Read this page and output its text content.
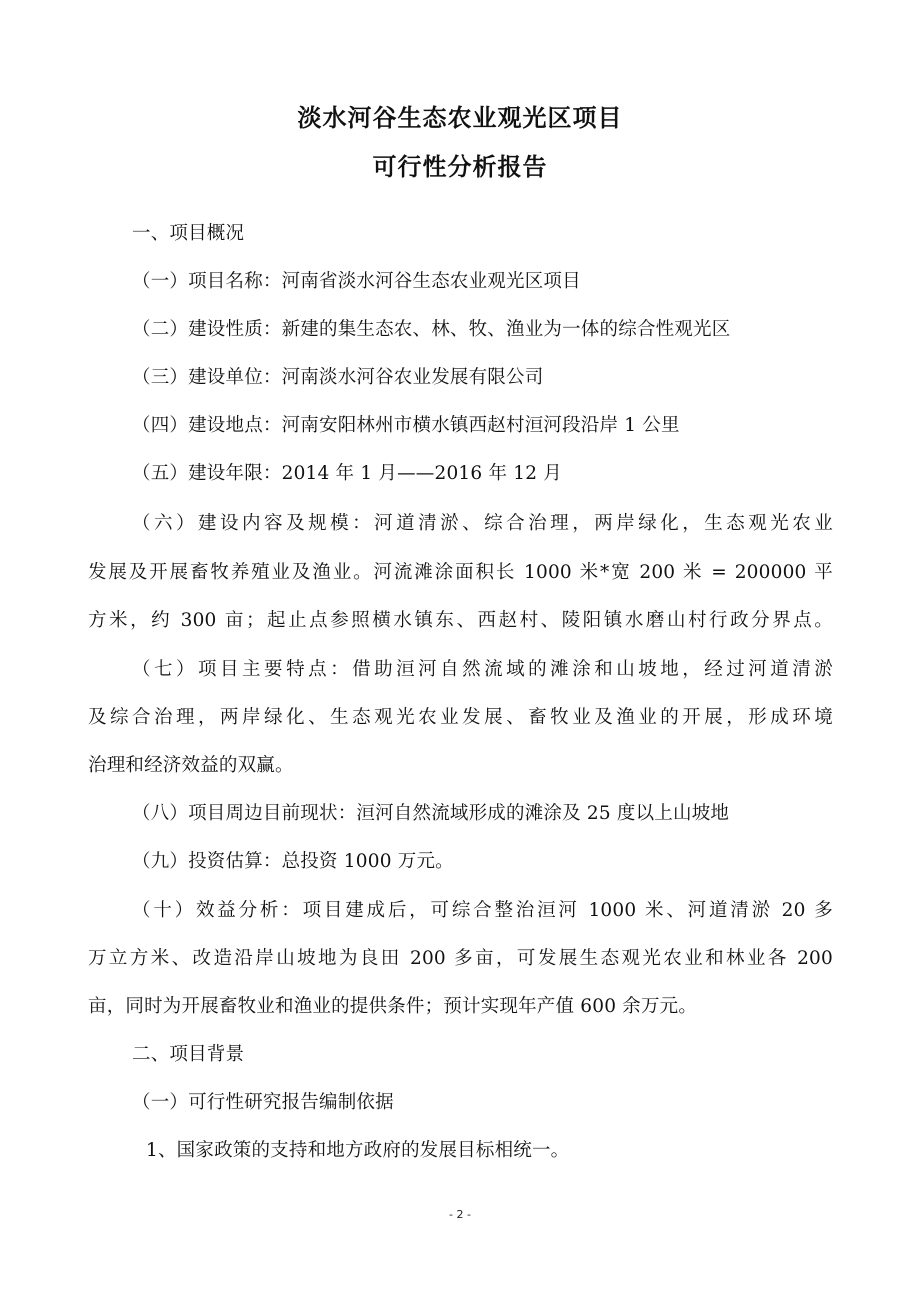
淡水河谷生态农业观光区项目
可行性分析报告
一、项目概况
（一）项目名称：河南省淡水河谷生态农业观光区项目
（二）建设性质：新建的集生态农、林、牧、渔业为一体的综合性观光区
（三）建设单位：河南淡水河谷农业发展有限公司
（四）建设地点：河南安阳林州市横水镇西赵村洹河段沿岸 1 公里
（五）建设年限：2014 年 1 月——2016 年 12 月
（六）建设内容及规模：河道清淤、综合治理，两岸绿化，生态观光农业
发展及开展畜牧养殖业及渔业。河流滩涂面积长 1000 米*宽 200 米 = 200000 平
方米，约 300 亩；起止点参照横水镇东、西赵村、陵阳镇水磨山村行政分界点。
（七）项目主要特点：借助洹河自然流域的滩涂和山坡地，经过河道清淤
及综合治理，两岸绿化、生态观光农业发展、畜牧业及渔业的开展，形成环境
治理和经济效益的双赢。
（八）项目周边目前现状：洹河自然流域形成的滩涂及 25 度以上山坡地
（九）投资估算：总投资 1000 万元。
（十）效益分析：项目建成后，可综合整治洹河 1000 米、河道清淤 20 多
万立方米、改造沿岸山坡地为良田 200 多亩，可发展生态观光农业和林业各 200
亩，同时为开展畜牧业和渔业的提供条件；预计实现年产值 600 余万元。
二、项目背景
（一）可行性研究报告编制依据
1、国家政策的支持和地方政府的发展目标相统一。
- 2 -
